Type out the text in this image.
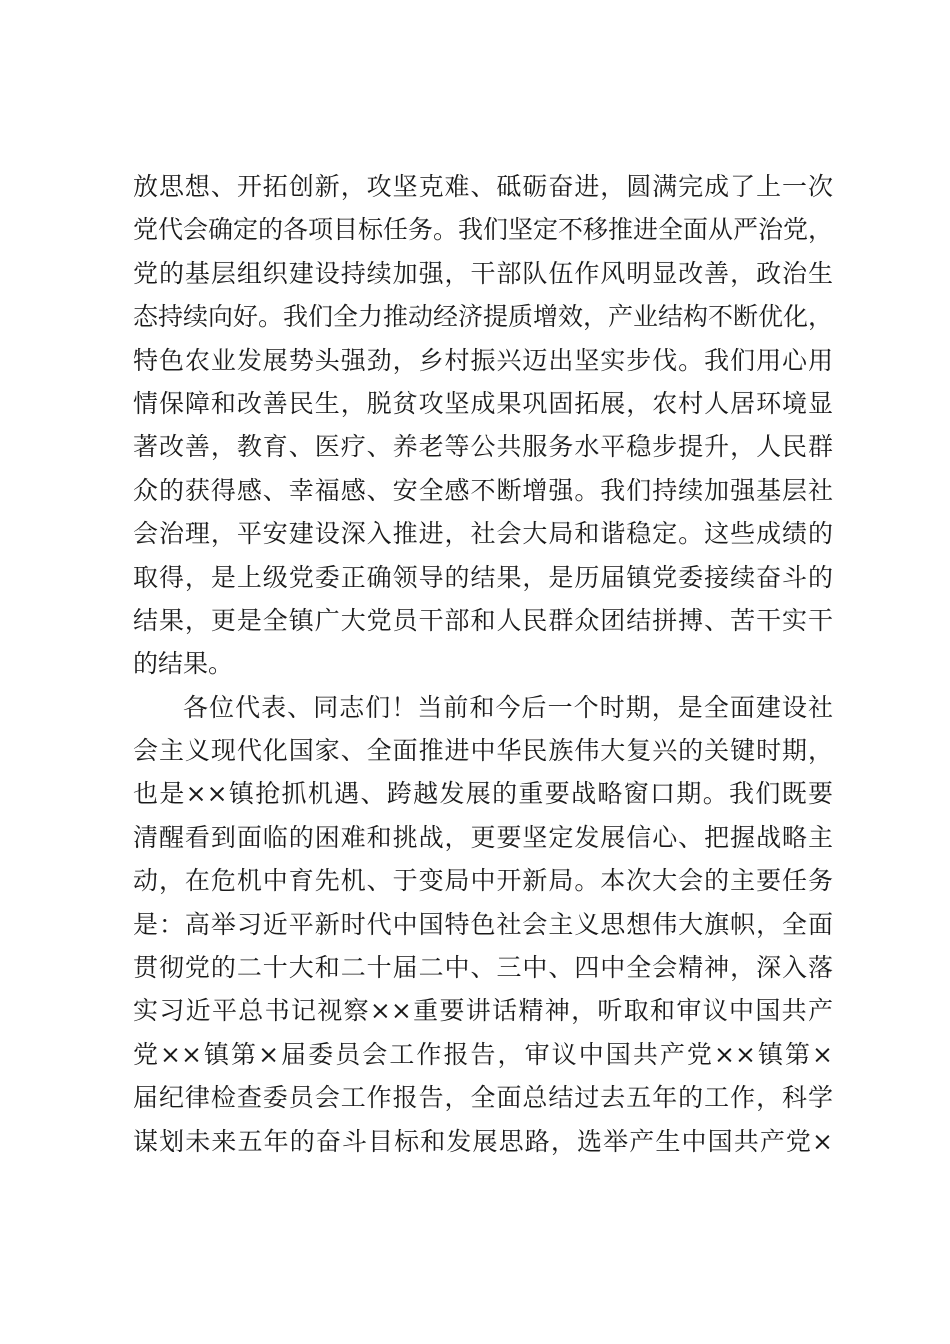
放思想、开拓创新，攻坚克难、砥砺奋进，圆满完成了上一次
党代会确定的各项目标任务。我们坚定不移推进全面从严治党，
党的基层组织建设持续加强，干部队伍作风明显改善，政治生
态持续向好。我们全力推动经济提质增效，产业结构不断优化，
特色农业发展势头强劲，乡村振兴迈出坚实步伐。我们用心用
情保障和改善民生，脱贫攻坚成果巩固拓展，农村人居环境显
著改善，教育、医疗、养老等公共服务水平稳步提升，人民群
众的获得感、幸福感、安全感不断增强。我们持续加强基层社
会治理，平安建设深入推进，社会大局和谐稳定。这些成绩的
取得，是上级党委正确领导的结果，是历届镇党委接续奋斗的
结果，更是全镇广大党员干部和人民群众团结拼搏、苦干实干
的结果。
各位代表、同志们！当前和今后一个时期，是全面建设社
会主义现代化国家、全面推进中华民族伟大复兴的关键时期，
也是××镇抢抓机遇、跨越发展的重要战略窗口期。我们既要
清醒看到面临的困难和挑战，更要坚定发展信心、把握战略主
动，在危机中育先机、于变局中开新局。本次大会的主要任务
是：高举习近平新时代中国特色社会主义思想伟大旗帜，全面
贯彻党的二十大和二十届二中、三中、四中全会精神，深入落
实习近平总书记视察××重要讲话精神，听取和审议中国共产
党××镇第×届委员会工作报告，审议中国共产党××镇第×
届纪律检查委员会工作报告，全面总结过去五年的工作，科学
谋划未来五年的奋斗目标和发展思路，选举产生中国共产党×
